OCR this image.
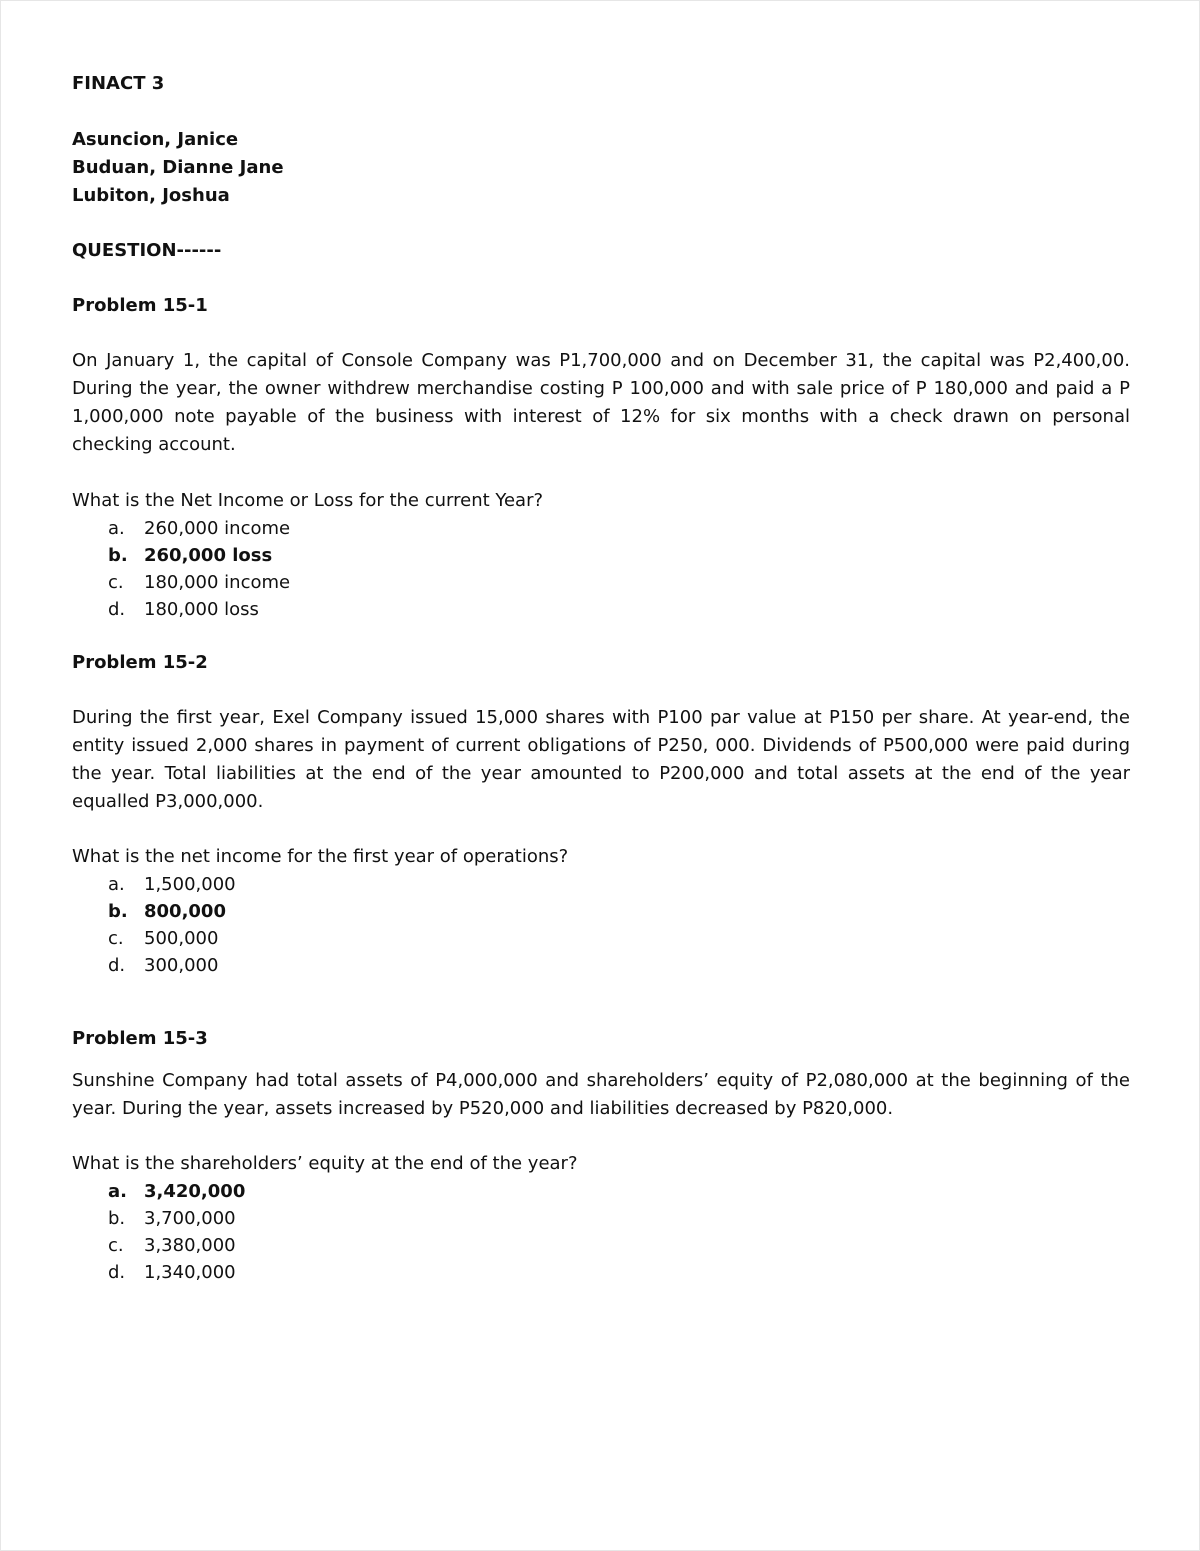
FINACT 3
Asuncion, Janice
Buduan, Dianne Jane
Lubiton, Joshua
QUESTION------
Problem 15-1

On January 1, the capital of Console Company was P1,700,000 and on December 31, the capital was P2,400,00. During the year, the owner withdrew merchandise costing P 100,000 and with sale price of P 180,000 and paid a P 1,000,000 note payable of the business with interest of 12% for six months with a check drawn on personal checking account.

What is the Net Income or Loss for the current Year?

a.	260,000 income
b. 260,000 loss
c.	180,000 income
d.	180,000 loss
Problem 15-2

During the first year, Exel Company issued 15,000 shares with P100 par value at P150 per share. At year-end, the entity issued 2,000 shares in payment of current obligations of P250, 000. Dividends of P500,000 were paid during the year. Total liabilities at the end of the year amounted to P200,000 and total assets at the end of the year equalled P3,000,000.

What is the net income for the first year of operations?

a.	1,500,000
b. 800,000
c.	500,000
d.	300,000
Problem 15-3

Sunshine Company had total assets of P4,000,000 and shareholders’ equity of P2,080,000 at the beginning of the year. During the year, assets increased by P520,000 and liabilities decreased by P820,000.

What is the shareholders’ equity at the end of the year?

a. 3,420,000
b.	3,700,000
c.	3,380,000
d.	1,340,000
